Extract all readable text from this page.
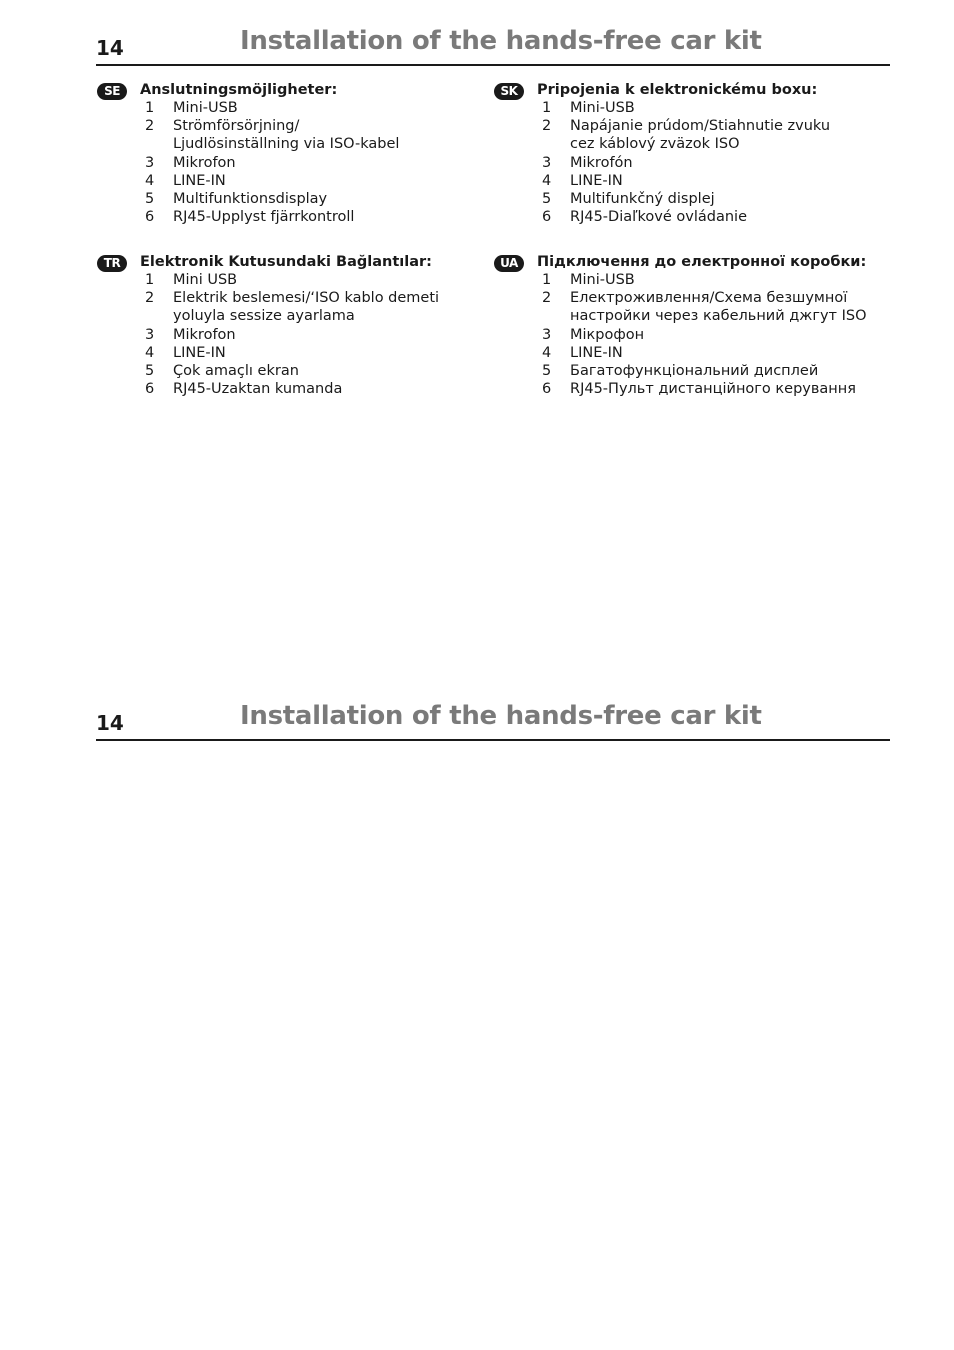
14	Installation of the hands-free car kit
SE	Anslutningsmöjligheter:
1	Mini-USB
2	Strömförsörjning/
Ljudlösinställning via ISO-kabel
3	Mikrofon
4	LINE-IN
5	Multifunktionsdisplay
6	RJ45-Upplyst fjärrkontroll
SK	Pripojenia k elektronickému boxu:
1	Mini-USB
2	Napájanie prúdom/Stiahnutie zvuku
cez káblový zväzok ISO
3	Mikrofón
4	LINE-IN
5	Multifunkčný displej
6	RJ45-Diaľkové ovládanie
TR	Elektronik Kutusundaki Bağlantılar:
1	Mini USB
2	Elektrik beslemesi/‘ISO kablo demeti
yoluyla sessize ayarlama
3	Mikrofon
4	LINE-IN
5	Çok amaçlı ekran
6	RJ45-Uzaktan kumanda
UA	Підключення до електронної коробки:
1	Mini-USB
2	Електроживлення/Схема безшумної
настройки через кабельний джгут ISO
3	Мікрофон
4	LINE-IN
5	Багатофункціональний дисплей
6	RJ45-Пульт дистанційного керування
14	Installation of the hands-free car kit
